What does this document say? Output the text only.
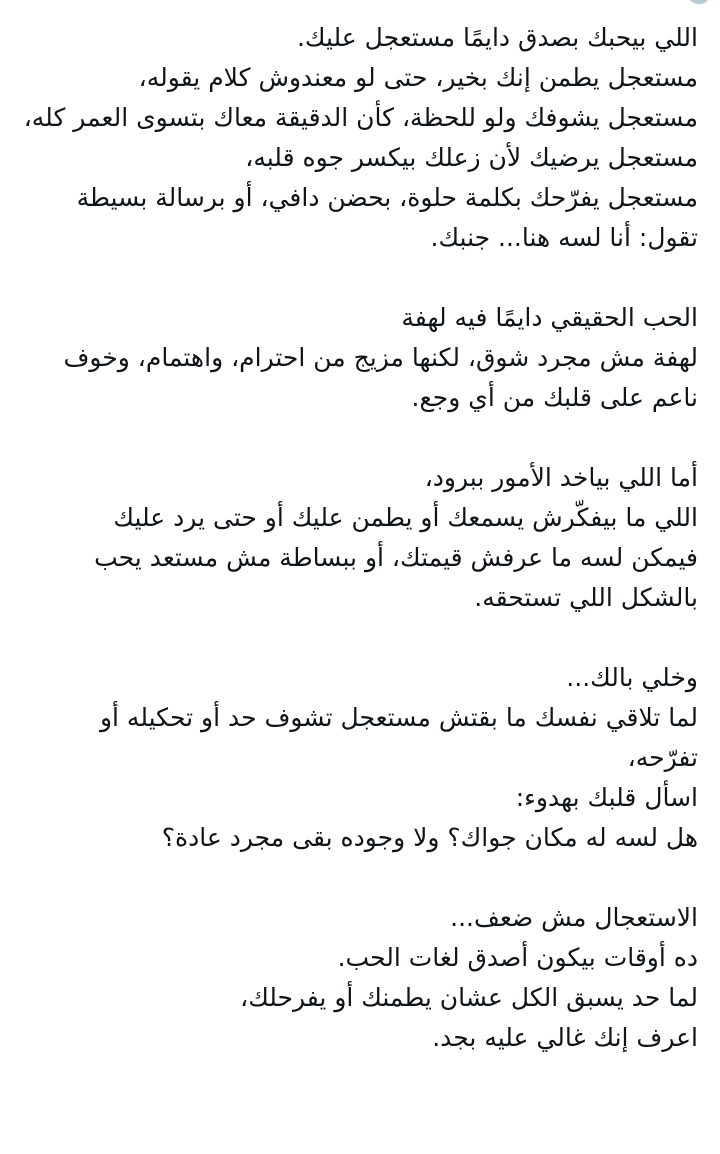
اللي بيحبك بصدق دايمًا مستعجل عليك.
مستعجل يطمن إنك بخير، حتى لو معندوش كلام يقوله،
مستعجل يشوفك ولو للحظة، كأن الدقيقة معاك بتسوى العمر كله،
مستعجل يرضيك لأن زعلك بيكسر جوه قلبه،
مستعجل يفرّحك بكلمة حلوة، بحضن دافي، أو برسالة بسيطة
تقول: أنا لسه هنا... جنبك.

الحب الحقيقي دايمًا فيه لهفة
لهفة مش مجرد شوق، لكنها مزيج من احترام، واهتمام، وخوف
ناعم على قلبك من أي وجع.

أما اللي بياخد الأمور ببرود،
اللي ما بيفكّرش يسمعك أو يطمن عليك أو حتى يرد عليك
فيمكن لسه ما عرفش قيمتك، أو ببساطة مش مستعد يحب
بالشكل اللي تستحقه.

وخلي بالك...
لما تلاقي نفسك ما بقتش مستعجل تشوف حد أو تحكيله أو
تفرّحه،
اسأل قلبك بهدوء:
هل لسه له مكان جواك؟ ولا وجوده بقى مجرد عادة؟

الاستعجال مش ضعف...
ده أوقات بيكون أصدق لغات الحب.
لما حد يسبق الكل عشان يطمنك أو يفرحلك،
اعرف إنك غالي عليه بجد.
